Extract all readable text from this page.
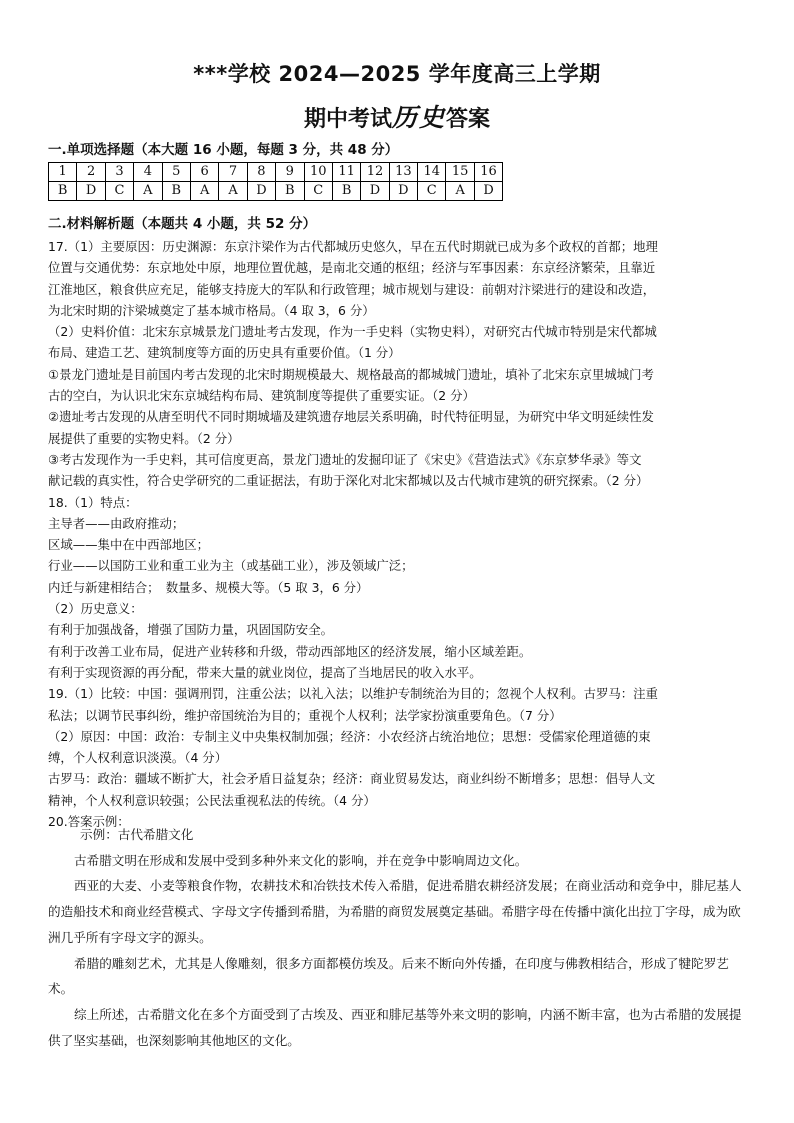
***学校 2024—2025 学年度高三上学期
期中考试历史答案
一.单项选择题（本大题 16 小题，每题 3 分，共 48 分）
1	2	3	4	5	6	7	8	9	10	11	12	13	14	15	16
B	D	C	A	B	A	A	D	B	C	B	D	D	C	A	D
二.材料解析题（本题共 4 小题，共 52 分）

17.（1）主要原因：历史渊源：东京汴梁作为古代都城历史悠久，早在五代时期就已成为多个政权的首都；地理

位置与交通优势：东京地处中原，地理位置优越，是南北交通的枢纽；经济与军事因素：东京经济繁荣，且靠近

江淮地区，粮食供应充足，能够支持庞大的军队和行政管理；城市规划与建设：前朝对汴梁进行的建设和改造，

为北宋时期的汴梁城奠定了基本城市格局。（4 取 3，6 分）

（2）史料价值：北宋东京城景龙门遗址考古发现，作为一手史料（实物史料），对研究古代城市特别是宋代都城

布局、建造工艺、建筑制度等方面的历史具有重要价值。（1 分）

①景龙门遗址是目前国内考古发现的北宋时期规模最大、规格最高的都城城门遗址，填补了北宋东京里城城门考

古的空白，为认识北宋东京城结构布局、建筑制度等提供了重要实证。（2 分）

②遗址考古发现的从唐至明代不同时期城墙及建筑遗存地层关系明确，时代特征明显，为研究中华文明延续性发

展提供了重要的实物史料。（2 分）

③考古发现作为一手史料，其可信度更高，景龙门遗址的发掘印证了《宋史》《营造法式》《东京梦华录》等文

献记载的真实性，符合史学研究的二重证据法，有助于深化对北宋都城以及古代城市建筑的研究探索。（2 分）

18.（1）特点：

主导者——由政府推动；

区域——集中在中西部地区；

行业——以国防工业和重工业为主（或基础工业），涉及领域广泛；

内迁与新建相结合；　数量多、规模大等。（5 取 3，6 分）

（2）历史意义：

有利于加强战备，增强了国防力量，巩固国防安全。

有利于改善工业布局，促进产业转移和升级，带动西部地区的经济发展，缩小区域差距。

有利于实现资源的再分配，带来大量的就业岗位，提高了当地居民的收入水平。

19.（1）比较：中国：强调刑罚，注重公法；以礼入法；以维护专制统治为目的；忽视个人权利。古罗马：注重

私法；以调节民事纠纷，维护帝国统治为目的；重视个人权利；法学家扮演重要角色。（7 分）

（2）原因：中国：政治：专制主义中央集权制加强；经济：小农经济占统治地位；思想：受儒家伦理道德的束

缚，个人权利意识淡漠。（4 分）

古罗马：政治：疆域不断扩大，社会矛盾日益复杂；经济：商业贸易发达，商业纠纷不断增多；思想：倡导人文

精神，个人权利意识较强；公民法重视私法的传统。（4 分）

20.答案示例：

示例：古代希腊文化

古希腊文明在形成和发展中受到多种外来文化的影响，并在竞争中影响周边文化。

西亚的大麦、小麦等粮食作物，农耕技术和冶铁技术传入希腊，促进希腊农耕经济发展；在商业活动和竞争中，腓尼基人的造船技术和商业经营模式、字母文字传播到希腊，为希腊的商贸发展奠定基础。希腊字母在传播中演化出拉丁字母，成为欧洲几乎所有字母文字的源头。

希腊的雕刻艺术，尤其是人像雕刻，很多方面都模仿埃及。后来不断向外传播，在印度与佛教相结合，形成了犍陀罗艺术。

综上所述，古希腊文化在多个方面受到了古埃及、西亚和腓尼基等外来文明的影响，内涵不断丰富，也为古希腊的发展提供了坚实基础，也深刻影响其他地区的文化。
